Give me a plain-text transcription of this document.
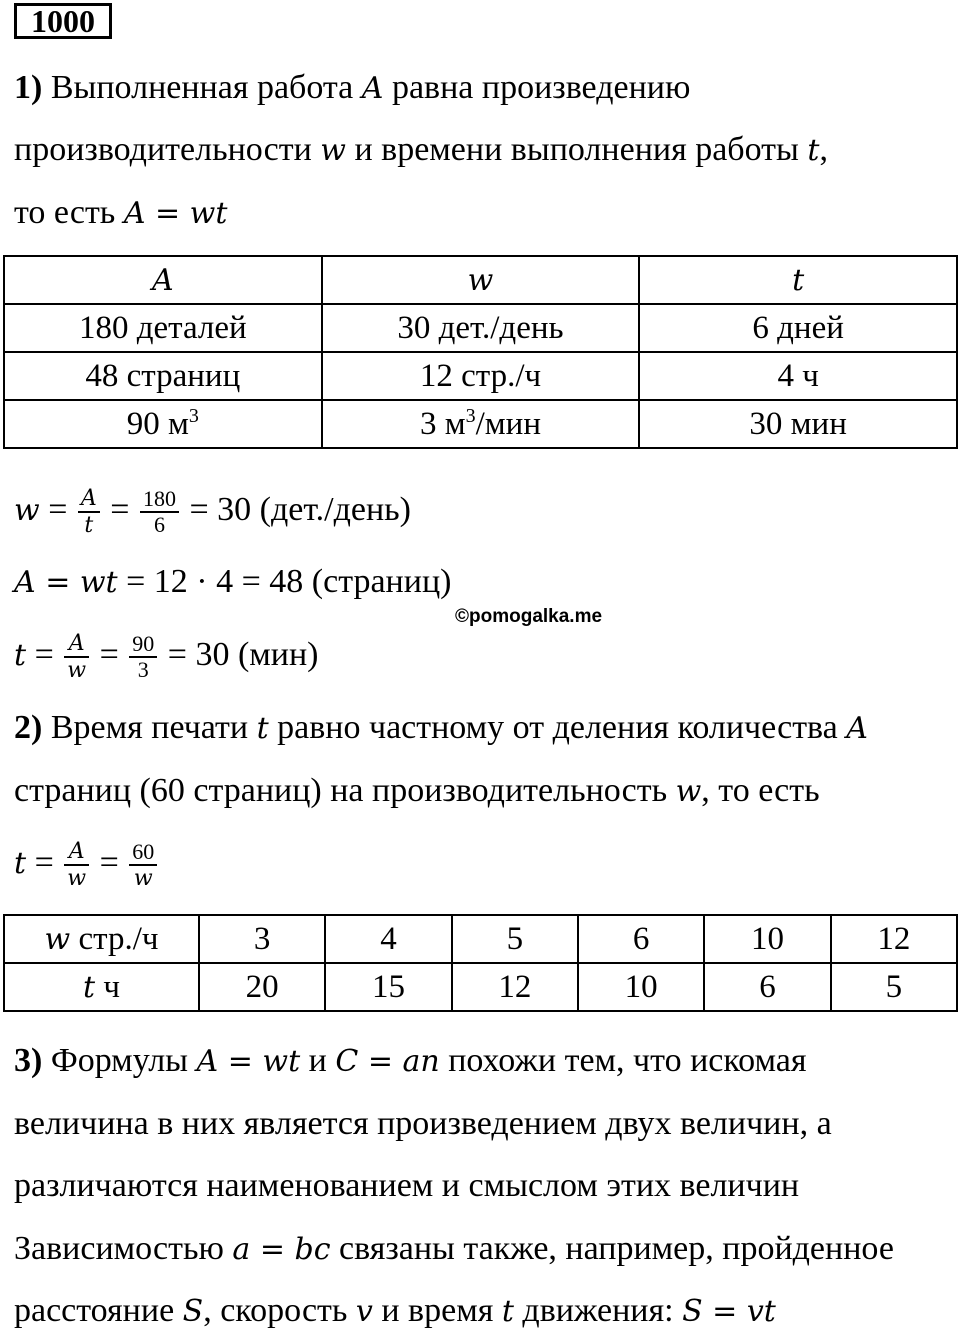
1000
1) Выполненная работа A равна произведению
производительности w и времени выполнения работы t,
то есть A = wt
A	w	t
180 деталей	30 дет./день	6 дней
48 страниц	12 стр./ч	4 ч
90 $м^3$	3 $м^3$/мин	30 мин
$w = \frac{A}{t} = \frac{180}{6} = 30$ (дет./день)
A = wt = 12 · 4 = 48 (страниц)
©pomogalka.me
$t = \frac{A}{w} = \frac{90}{3} = 30$ (мин)
2) Время печати t равно частному от деления количества A
страниц (60 страниц) на производительность w, то есть
$t = \frac{A}{w} = \frac{60}{w}$
w стр./ч	3	4	5	6	10	12
t ч	20	15	12	10	6	5
3) Формулы A = wt и C = an похожи тем, что искомая
величина в них является произведением двух величин, а
различаются наименованием и смыслом этих величин
Зависимостью a = bc связаны также, например, пройденное
расстояние S, скорость v и время t движения: S = vt
